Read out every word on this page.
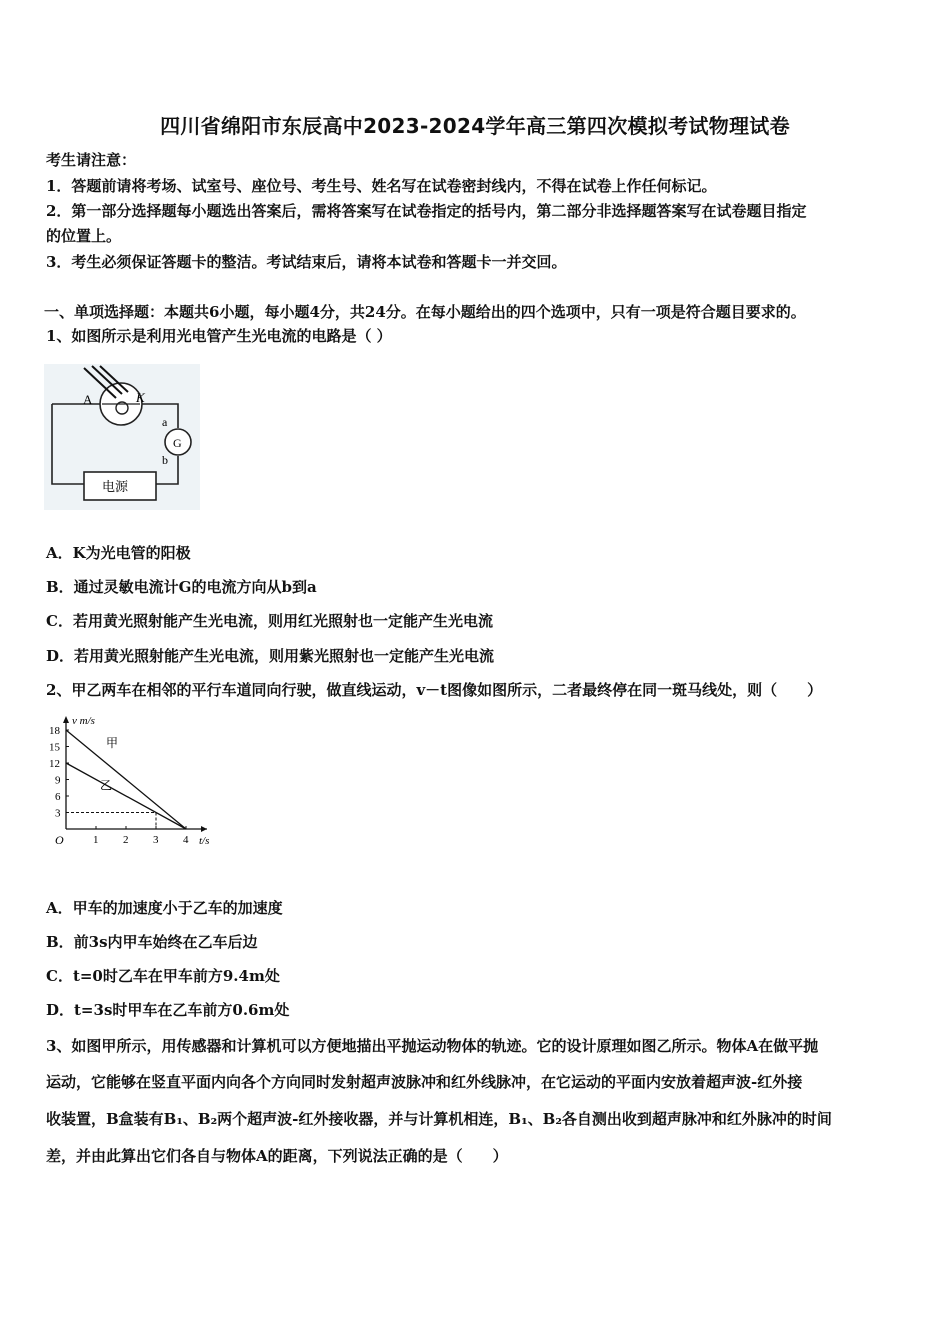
四川省绵阳市东辰高中2023-2024学年高三第四次模拟考试物理试卷
考生请注意：
1．答题前请将考场、试室号、座位号、考生号、姓名写在试卷密封线内，不得在试卷上作任何标记。
2．第一部分选择题每小题选出答案后，需将答案写在试卷指定的括号内，第二部分非选择题答案写在试卷题目指定
的位置上。
3．考生必须保证答题卡的整洁。考试结束后，请将本试卷和答题卡一并交回。
一、单项选择题：本题共6小题，每小题4分，共24分。在每小题给出的四个选项中，只有一项是符合题目要求的。
1、如图所示是利用光电管产生光电流的电路是（ ）
A	K
a
b
G
电源
A．K为光电管的阳极
B．通过灵敏电流计G的电流方向从b到a
C．若用黄光照射能产生光电流，则用红光照射也一定能产生光电流
D．若用黄光照射能产生光电流，则用紫光照射也一定能产生光电流
2、甲乙两车在相邻的平行车道同向行驶，做直线运动，v－t图像如图所示，二者最终停在同一斑马线处，则（　　）
1 2 3 4
3
6
9
12
15
18
甲
乙
v m/s
t/s
O
A．甲车的加速度小于乙车的加速度
B．前3s内甲车始终在乙车后边
C．t=0时乙车在甲车前方9.4m处
D．t=3s时甲车在乙车前方0.6m处
3、如图甲所示，用传感器和计算机可以方便地描出平抛运动物体的轨迹。它的设计原理如图乙所示。物体A在做平抛
运动，它能够在竖直平面内向各个方向同时发射超声波脉冲和红外线脉冲，在它运动的平面内安放着超声波-红外接
收装置，B盒装有B₁、B₂两个超声波-红外接收器，并与计算机相连，B₁、B₂各自测出收到超声脉冲和红外脉冲的时间
差，并由此算出它们各自与物体A的距离，下列说法正确的是（　　）
